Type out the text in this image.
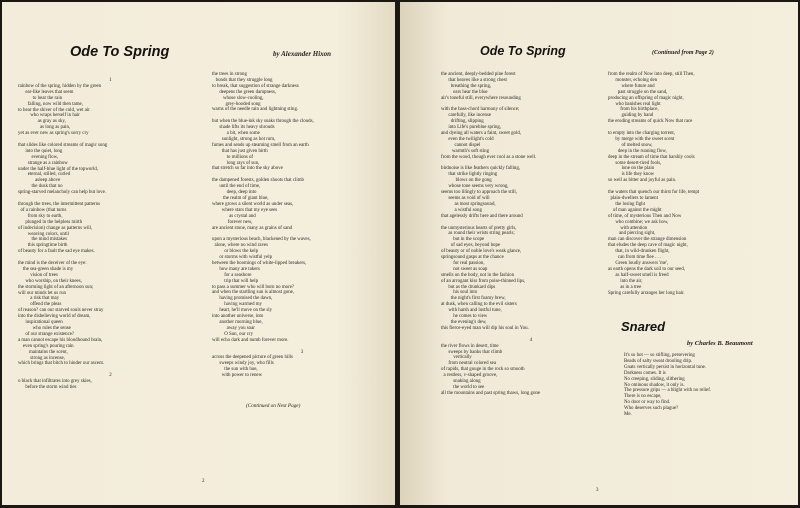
Ode To Spring	by Alexander Hixon
1
rainbow of the spring, hidden by the green
ear-like leaves that seem
to hear the rain
falling, now wild then tame,
to hear the shiver of the cold, wet air
who wraps herself in hair
as gray as sky,
as long as pain,
yet as ever new as spring's sorry cry
that slides like colored streams of magic song
into the quiet, long
evening flow,
strange as a rainbow
under the half-blue light of the topworld,
eternal, stilled, curled
asleep above
the dusk that no
spring-starved melancholy can help but love.
through the trees, the intermittent patterns
of a rainbow (that turns
from sky to earth,
plunged in the helpless mirth
of indecision) change as patterns will,
weaving colors, until
the mind mistakes
this springtime birth
of beauty for a fault the sad eye makes.
the mind is the deceiver of the eye:
the sea-green shade is my
vision of trees
who worship, on their knees,
the storming light of an afternoon sun;
will our minds let us run
a risk that may
offend the pleas
of reason? can our starved souls never stray
into the disbelieving world of dream,
inspirational queen
who rules the sense
of our strange existence?
a man cannot escape his bloodhound brain,
even spring's pouring rain
maintains the scent,
strong as incense,
which brings that bitch to hinder our ascent.
2
o black that infiltrates into grey skies,
before the storm wind ties
the trees in strong
bonds that they struggle long
to break, that suggestion of strange darkness
deepens the green dampness,
whose slow-cooling,
grey-hooded song
warns of the needle rain and lightning sting.
but when the blue-ink sky soaks through the clouds,
shade lifts its heavy shrouds
a bit, when some
sunlight, strong as hot rum,
fumes and sends up steaming smell from an earth
that has just given birth
to millions of
long rays of sun,
that stretch so far into the sky above
the dampened forests, golden shoots that climb
until the end of time,
deep, deep into
the realm of giant blue,
where grows a silent world as under seas,
where stars that my eye sees
as crystal and
forever new,
are ancient stone, many as grains of sand
upon a mysterious beach, blackened by the waves,
alone, where no wind raves
or blows the kelp
or storms with wistful yelp
between the boomings of white-lipped breakers,
how many are takers
for a seashore
trip that will help
to pass a summer who will burn no more?
and when the startling sun is almost gone,
having promised the dawn,
having warmed my
heart, he'll move on the sly
into another universe, into
another morning blue,
away you soar
O Sun, our cry
will echo dark and numb forever more.
3
across the deepened picture of green hills
sweeps windy joy, who fills
the sun with hue,
with power to renew
(Continued on Next Page)
2
Ode To Spring	(Continued from Page 2)
the ancient, deeply-bedded pine forest
that heaves like a strong chest
breathing the spring,
ears hear the blue
air's toneful still, everywhere resounding
with the bass-chord harmony of silence;
carefully, like incense
drifting, slipping
into Life's pureblue spring,
and dyeing all waters a faint, sweet gold,
even the twilight's cold
cannot dispel
warmth's soft sting
from the wood, though ever cool as a stone well.
birdnoise is like feathers quickly falling,
that strike lightly ringing
blows on the gong
whose tone seems very wrong,
seems too lilingly to approach the still,
seems as void of will
as most springsound,
a wistful song
that agelessly drifts here and there around
the unmysterious hearts of pretty girls,
as round their wrists string pearls;
but in the scope
of sad eyes, beyond hope
of beauty or of noble love's weak glance,
springsound gasps at the chance
for real passion,
not sweet as soap
smells on the body, not in the fashion
of an arrogant kiss from poise-thinned lips,
but as the drunkard dips
his soul into
the night's first foamy brew,
at dusk, when calling to the evil sisters
with harsh and lustful tune,
he comes to view
the evening's dew,
this fierce-eyed man will dip his soul in You.
4
the river flows in desert, time
sweeps by banks that climb
vertically
from neutral colored sea
of rapids, that gouge in the rock so smooth
a restless, v-shaped groove,
snaking along
the world to see
all the mountains and past spring thaws, long gone
from the realm of Now into deep, still Then,
monster, echoing den
where future and
past struggle on the sand,
producing an offspring of magic night,
who banishes real light
from his birthplace,
guiding by hand
the eroding streams of quick Now that race
to empty into the charging torrent,
by merge with the sweet scent
of melted snow,
deep in the running flow,
deep in the stream of time that harshly cools
some desert-tired fools,
lone on the plain
is life they know
so well as bitter and joyful as pain.
the waters that quench our thirst for life, tempt
plain-dwellers to lament
the losing fight
of man against the might
of time, of mysterious Then and Now
who combine; we ask how,
with attention
and piercing sight,
man can discover the strange dimension
that eludes the deep cave of magic night,
that, in wild-drunken flight,
can from time flee . . .
Green loudly answers 'me',
as earth opens the dark soil to our seed,
as half-sweet smell is freed
into the air,
as in a tree
Spring carefully arranges her long hair.
Snared
by Charles B. Beaumont
It's so hot — so stifling, persevering
Beads of salty sweat drooling drip.
Gnats vertically persist in horizontal tune.
Darkness comes. It is
No creeping, sliding, slithering
No ominous shadow, it only is.
The pressure grips — a blight with no relief.
There is no escape,
No door or way to find.
Who deserves such plague?
Me.
3
